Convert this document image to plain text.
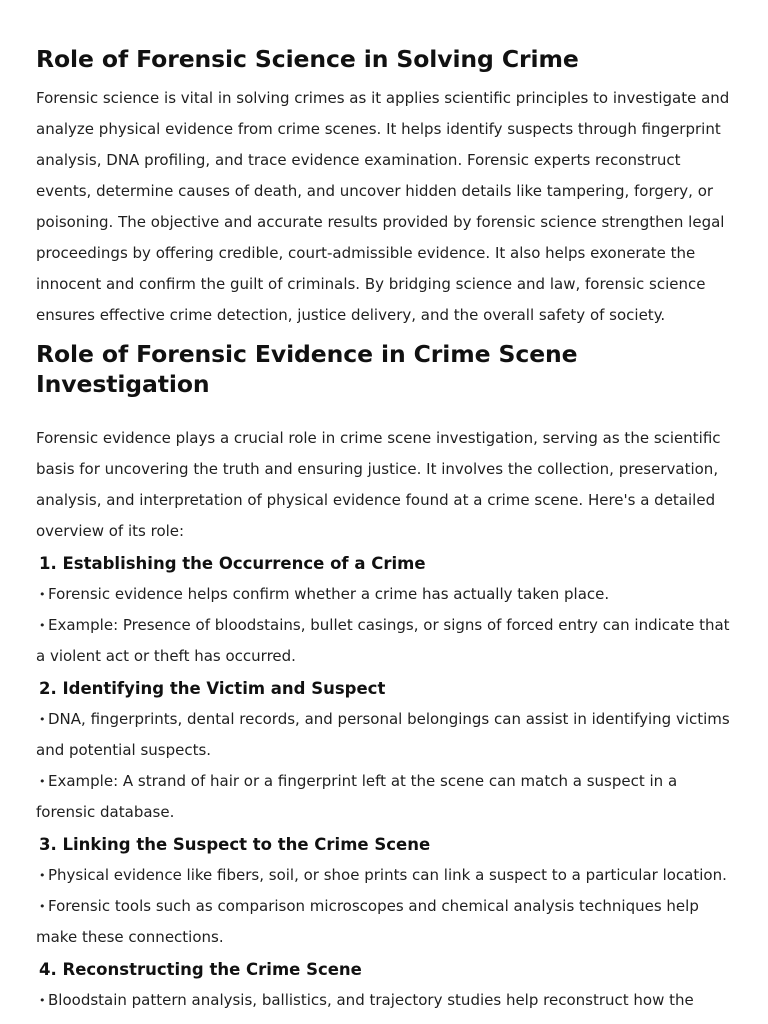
Role of Forensic Science in Solving Crime

Forensic science is vital in solving crimes as it applies scientific principles to investigate and analyze physical evidence from crime scenes. It helps identify suspects through fingerprint analysis, DNA profiling, and trace evidence examination. Forensic experts reconstruct events, determine causes of death, and uncover hidden details like tampering, forgery, or poisoning. The objective and accurate results provided by forensic science strengthen legal proceedings by offering credible, court-admissible evidence. It also helps exonerate the innocent and confirm the guilt of criminals. By bridging science and law, forensic science ensures effective crime detection, justice delivery, and the overall safety of society.

Role of Forensic Evidence in Crime Scene Investigation

Forensic evidence plays a crucial role in crime scene investigation, serving as the scientific basis for uncovering the truth and ensuring justice. It involves the collection, preservation, analysis, and interpretation of physical evidence found at a crime scene. Here's a detailed overview of its role:

1. Establishing the Occurrence of a Crime
• Forensic evidence helps confirm whether a crime has actually taken place.
• Example: Presence of bloodstains, bullet casings, or signs of forced entry can indicate that a violent act or theft has occurred.
2. Identifying the Victim and Suspect
• DNA, fingerprints, dental records, and personal belongings can assist in identifying victims and potential suspects.
• Example: A strand of hair or a fingerprint left at the scene can match a suspect in a forensic database.
3. Linking the Suspect to the Crime Scene
• Physical evidence like fibers, soil, or shoe prints can link a suspect to a particular location.
• Forensic tools such as comparison microscopes and chemical analysis techniques help make these connections.
4. Reconstructing the Crime Scene
• Bloodstain pattern analysis, ballistics, and trajectory studies help reconstruct how the
